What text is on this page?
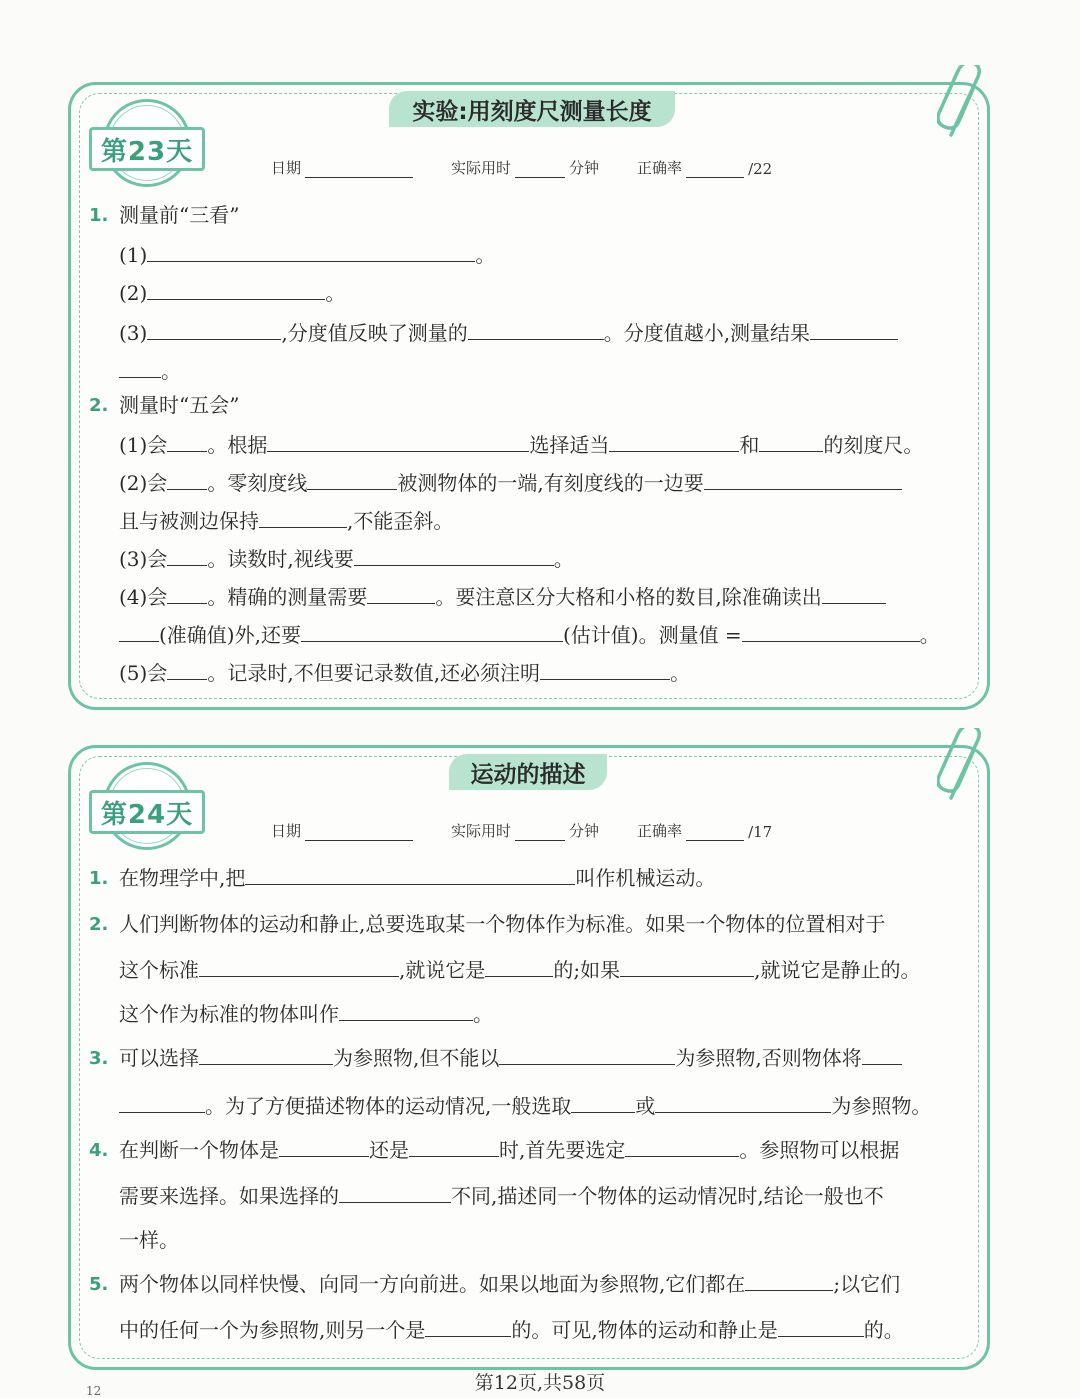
第23天
实验:用刻度尺测量长度
日期	实际用时	分钟	正确率	/22
1. 测量前“三看”
(1)	。
(2)	。
(3)	,分度值反映了测量的	。分度值越小,测量结果
。
2. 测量时“五会”
(1)会 。根据	选择适当	和	的刻度尺。
(2)会 。零刻度线	被测物体的一端,有刻度线的一边要
且与被测边保持	,不能歪斜。
(3)会 。读数时,视线要	。
(4)会 。精确的测量需要	。要注意区分大格和小格的数目,除准确读出
(准确值)外,还要	(估计值)。测量值 =	。
(5)会 。记录时,不但要记录数值,还必须注明	。
第24天
运动的描述
日期	实际用时	分钟	正确率	/17
1. 在物理学中,把	叫作机械运动。
2. 人们判断物体的运动和静止,总要选取某一个物体作为标准。如果一个物体的位置相对于
这个标准	,就说它是	的;如果	,就说它是静止的。
这个作为标准的物体叫作	。
3. 可以选择	为参照物,但不能以	为参照物,否则物体将
。为了方便描述物体的运动情况,一般选取	或	为参照物。
4. 在判断一个物体是	还是	时,首先要选定	。参照物可以根据
需要来选择。如果选择的	不同,描述同一个物体的运动情况时,结论一般也不
一样。
5. 两个物体以同样快慢、向同一方向前进。如果以地面为参照物,它们都在	;以它们
中的任何一个为参照物,则另一个是	的。可见,物体的运动和静止是	的。
12	第12页,共58页
